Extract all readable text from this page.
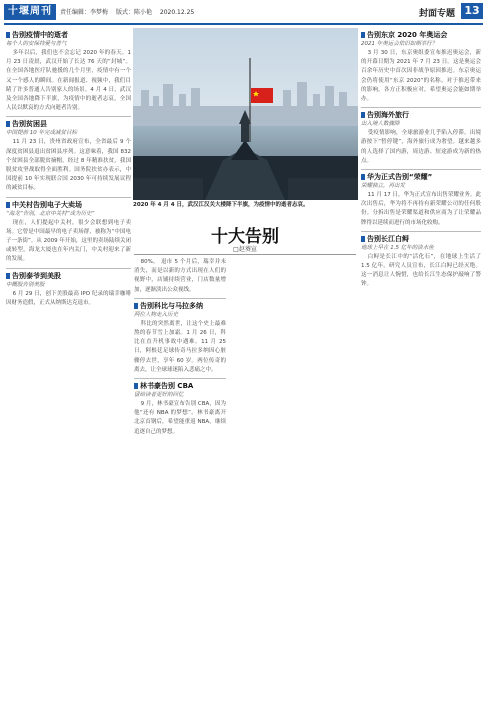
十堰周刊	责任编辑：李梦梅 版式：陈小艳 2020.12.25	封面专题 13
告别疫情中的逝者
每个人的安保持爱与善气
多年以后，我们也不会忘记 2020 年的春天。1 月 23 日凌晨，武汉开始了长达 76 天的“封城”。在全国各地医疗队驰援的几个月里，疫情中有一个又一个感人的瞬间。在新闻报道、视频中，我们目睹了许多普通人告别家人的场景。4 月 4 日，武汉及全国各地降下半旗，为疫情中的逝者志哀，全国人民以默哀的方式向逝者告别。
告别贫困县
中国提前 10 年完成减贫目标
11 月 23 日，贵州省政府宣布，全省最后 9 个深度贫困县退出贫困县序列。这意味着，我国 832 个贫困县全部脱贫摘帽。经过 8 年精准扶贫，我国脱贫攻坚战取得全面胜利。国务院扶贫办表示，中国提前 10 年实现联合国 2030 年可持续发展议程的减贫目标。
中关村告别电子大卖场
“海龙”告别，北京中关村“成为历史”
现在，人们提起中关村，很少会联想到电子卖场。它曾是中国最早的电子卖场群，被称为“中国电子一条街”。从 2009 年开始，这里的卖场陆续关闭或转型，海龙大厦也在年内关门，中关村迎来了新的发展。
告别泰爷到美股
中概股告别美股
6 月 29 日，创下美股最高 IPO 纪录的瑞幸咖啡因财务造假，正式从纳斯达克退市。
2020 年 4 月 4 日，武汉江汉关大楼降下半旗，为疫情中的逝者志哀。
十大告别
□赵葵宣
80%。 退市 5 个月后，瑞幸并未消失，而是以新的方式出现在人们的视野中，店铺持续营业，门店数量增加，逐渐淡出公众视线。
告别科比与马拉多纳
两位人物走入历史
科比的突然离世，让这个史上最难熬的春节雪上加霜。1 月 26 日，科比在直升机事故中遇难。11 月 25 日，阿根廷足球传奇马拉多纳因心脏骤停去世，享年 60 岁。两位传奇的离去，让全球球迷陷入悲痛之中。
林书豪告别 CBA
留给读者更好的回忆
9 月，林书豪宣布告别 CBA，因为他“还有 NBA 的梦想”。林书豪离开北京首钢后，希望能重返 NBA，继续追逐自己的梦想。
告别东京 2020 年奥运会
2021 年奥运会依旧如期举行？
3 月 30 日，东京奥组委宣布推迟奥运会，新的开幕日期为 2021 年 7 月 23 日。这是奥运会百余年历史中首次因非战争原因推迟。东京奥运会仍将使用“东京 2020”的名称。对于推迟带来的影响，各方正积极应对，希望奥运会能如期举办。
告别海外旅行
出入境人数骤降
受疫情影响，全球旅游业几乎陷入停滞。出境游按下“暂停键”，海外旅行成为奢望。越来越多的人选择了国内游，周边游、短途游成为新的热点。
华为正式告别“荣耀”
荣耀独立，再出发
11 月 17 日，华为正式宣布出售荣耀业务。此次出售后，华为将不再持有新荣耀公司的任何股份。分拆出售是荣耀渠道和供应商为了让荣耀品牌得以延续而进行的市场化收购。
告别长江白鲟
地球上早在 1.5 亿年的淡水鱼
白鲟是长江中的“活化石”，在地球上生活了 1.5 亿年。研究人员宣布，长江白鲟已经灭绝。这一消息让人惋惜，也给长江生态保护敲响了警钟。
